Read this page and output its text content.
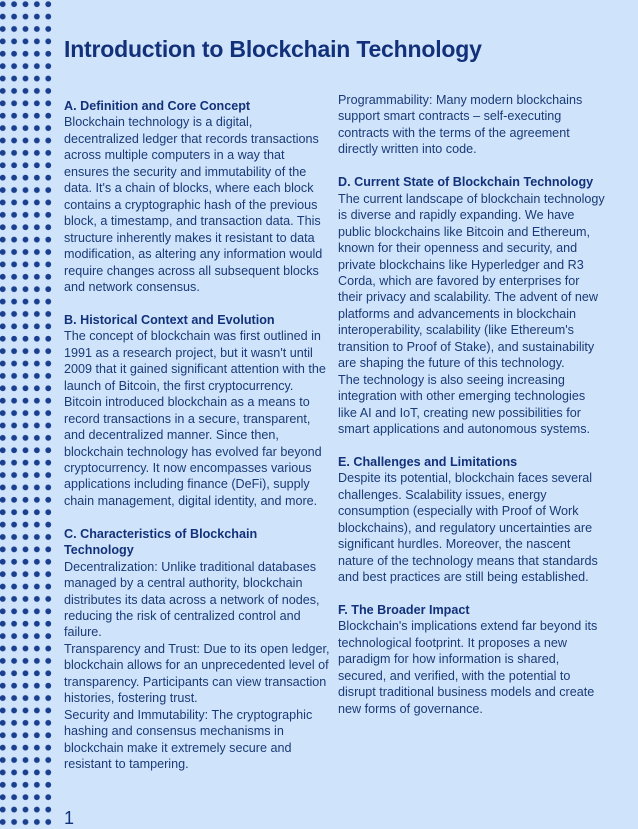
Introduction to Blockchain Technology

A. Definition and Core Concept

Blockchain technology is a digital, decentralized ledger that records transactions across multiple computers in a way that ensures the security and immutability of the data. It's a chain of blocks, where each block contains a cryptographic hash of the previous block, a timestamp, and transaction data. This structure inherently makes it resistant to data modification, as altering any information would require changes across all subsequent blocks and network consensus.

B. Historical Context and Evolution

The concept of blockchain was first outlined in 1991 as a research project, but it wasn't until 2009 that it gained significant attention with the launch of Bitcoin, the first cryptocurrency. Bitcoin introduced blockchain as a means to record transactions in a secure, transparent, and decentralized manner. Since then, blockchain technology has evolved far beyond cryptocurrency. It now encompasses various applications including finance (DeFi), supply chain management, digital identity, and more.

C. Characteristics of Blockchain Technology

Decentralization: Unlike traditional databases managed by a central authority, blockchain distributes its data across a network of nodes, reducing the risk of centralized control and failure.

Transparency and Trust: Due to its open ledger, blockchain allows for an unprecedented level of transparency. Participants can view transaction histories, fostering trust.

Security and Immutability: The cryptographic hashing and consensus mechanisms in blockchain make it extremely secure and resistant to tampering.

Programmability: Many modern blockchains support smart contracts – self-executing contracts with the terms of the agreement directly written into code.

D. Current State of Blockchain Technology

The current landscape of blockchain technology is diverse and rapidly expanding. We have public blockchains like Bitcoin and Ethereum, known for their openness and security, and private blockchains like Hyperledger and R3 Corda, which are favored by enterprises for their privacy and scalability. The advent of new platforms and advancements in blockchain interoperability, scalability (like Ethereum's transition to Proof of Stake), and sustainability are shaping the future of this technology.

The technology is also seeing increasing integration with other emerging technologies like AI and IoT, creating new possibilities for smart applications and autonomous systems.

E. Challenges and Limitations

Despite its potential, blockchain faces several challenges. Scalability issues, energy consumption (especially with Proof of Work blockchains), and regulatory uncertainties are significant hurdles. Moreover, the nascent nature of the technology means that standards and best practices are still being established.

F. The Broader Impact

Blockchain's implications extend far beyond its technological footprint. It proposes a new paradigm for how information is shared, secured, and verified, with the potential to disrupt traditional business models and create new forms of governance.

1
